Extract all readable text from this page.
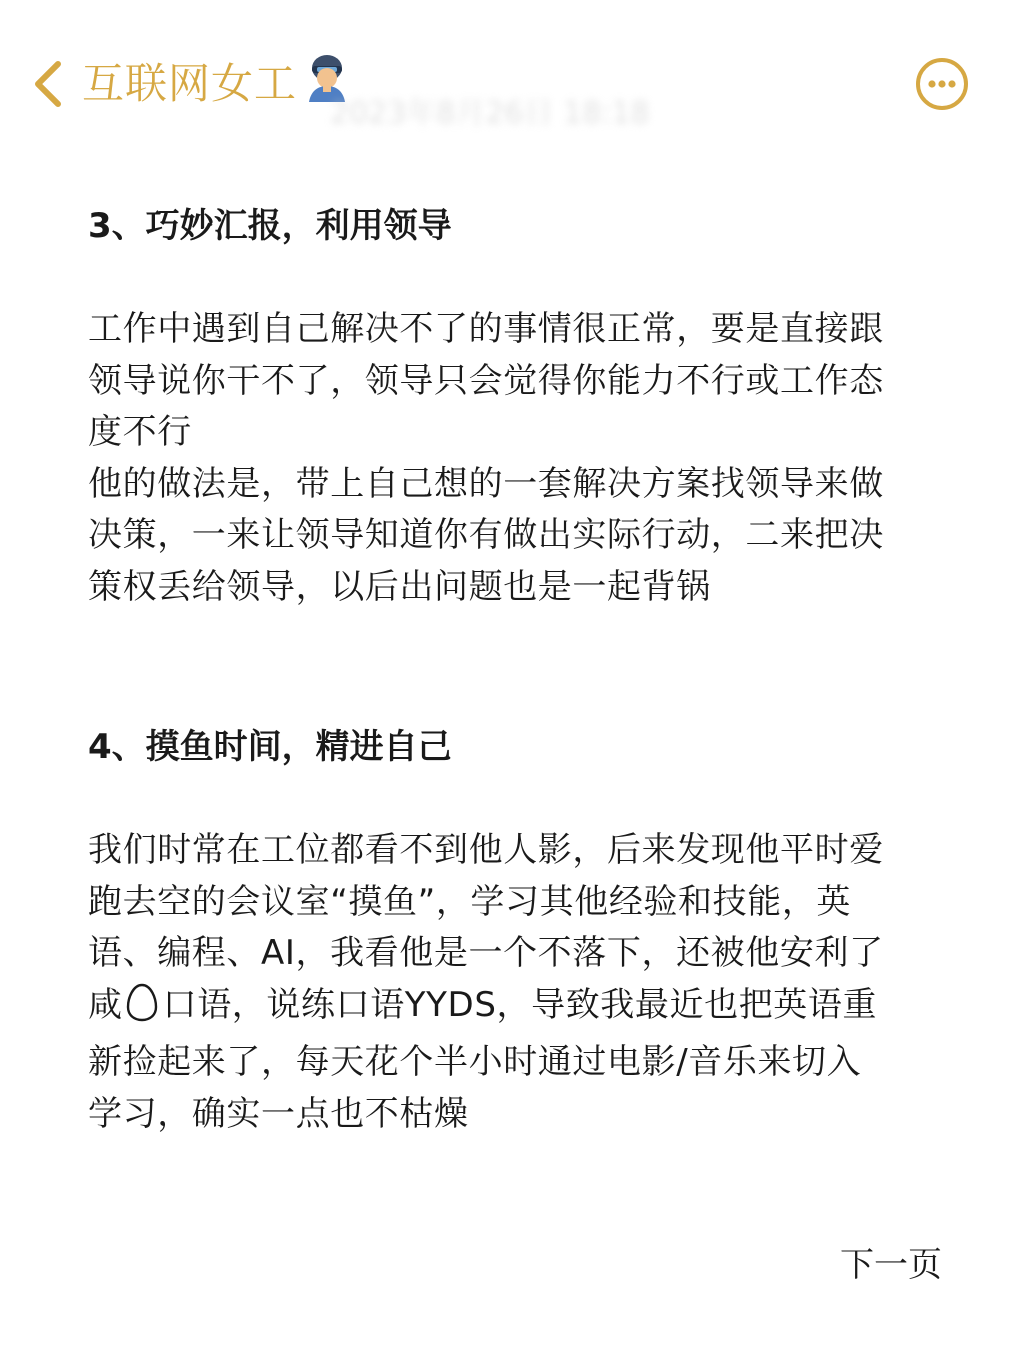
互联网女工
2023年8月26日 18:18
3、巧妙汇报，利用领导

工作中遇到自己解决不了的事情很正常，要是直接跟

领导说你干不了，领导只会觉得你能力不行或工作态

度不行

他的做法是，带上自己想的一套解决方案找领导来做

决策，一来让领导知道你有做出实际行动，二来把决

策权丢给领导，以后出问题也是一起背锅

4、摸鱼时间，精进自己

我们时常在工位都看不到他人影，后来发现他平时爱

跑去空的会议室“摸鱼”，学习其他经验和技能，英

语、编程、AI，我看他是一个不落下，还被他安利了

咸 口语，说练口语YYDS，导致我最近也把英语重

新捡起来了，每天花个半小时通过电影/音乐来切入

学习，确实一点也不枯燥

下一页
